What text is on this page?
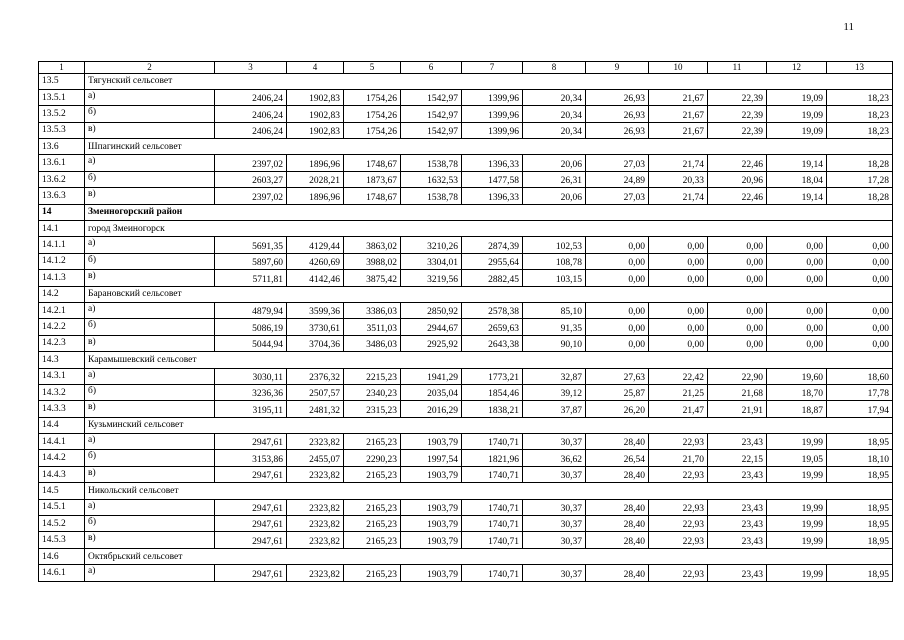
11
1	2	3	4	5	6	7	8	9	10	11	12	13
13.5	Тягунский сельсовет											
13.5.1	а)	2406,24	1902,83	1754,26	1542,97	1399,96	20,34	26,93	21,67	22,39	19,09	18,23
13.5.2	б)	2406,24	1902,83	1754,26	1542,97	1399,96	20,34	26,93	21,67	22,39	19,09	18,23
13.5.3	в)	2406,24	1902,83	1754,26	1542,97	1399,96	20,34	26,93	21,67	22,39	19,09	18,23
13.6	Шпагинский сельсовет											
13.6.1	а)	2397,02	1896,96	1748,67	1538,78	1396,33	20,06	27,03	21,74	22,46	19,14	18,28
13.6.2	б)	2603,27	2028,21	1873,67	1632,53	1477,58	26,31	24,89	20,33	20,96	18,04	17,28
13.6.3	в)	2397,02	1896,96	1748,67	1538,78	1396,33	20,06	27,03	21,74	22,46	19,14	18,28
14	Змеиногорский район											
14.1	город Змеиногорск											
14.1.1	а)	5691,35	4129,44	3863,02	3210,26	2874,39	102,53	0,00	0,00	0,00	0,00	0,00
14.1.2	б)	5897,60	4260,69	3988,02	3304,01	2955,64	108,78	0,00	0,00	0,00	0,00	0,00
14.1.3	в)	5711,81	4142,46	3875,42	3219,56	2882,45	103,15	0,00	0,00	0,00	0,00	0,00
14.2	Барановский сельсовет											
14.2.1	а)	4879,94	3599,36	3386,03	2850,92	2578,38	85,10	0,00	0,00	0,00	0,00	0,00
14.2.2	б)	5086,19	3730,61	3511,03	2944,67	2659,63	91,35	0,00	0,00	0,00	0,00	0,00
14.2.3	в)	5044,94	3704,36	3486,03	2925,92	2643,38	90,10	0,00	0,00	0,00	0,00	0,00
14.3	Карамышевский сельсовет											
14.3.1	а)	3030,11	2376,32	2215,23	1941,29	1773,21	32,87	27,63	22,42	22,90	19,60	18,60
14.3.2	б)	3236,36	2507,57	2340,23	2035,04	1854,46	39,12	25,87	21,25	21,68	18,70	17,78
14.3.3	в)	3195,11	2481,32	2315,23	2016,29	1838,21	37,87	26,20	21,47	21,91	18,87	17,94
14.4	Кузьминский сельсовет											
14.4.1	а)	2947,61	2323,82	2165,23	1903,79	1740,71	30,37	28,40	22,93	23,43	19,99	18,95
14.4.2	б)	3153,86	2455,07	2290,23	1997,54	1821,96	36,62	26,54	21,70	22,15	19,05	18,10
14.4.3	в)	2947,61	2323,82	2165,23	1903,79	1740,71	30,37	28,40	22,93	23,43	19,99	18,95
14.5	Никольский сельсовет											
14.5.1	а)	2947,61	2323,82	2165,23	1903,79	1740,71	30,37	28,40	22,93	23,43	19,99	18,95
14.5.2	б)	2947,61	2323,82	2165,23	1903,79	1740,71	30,37	28,40	22,93	23,43	19,99	18,95
14.5.3	в)	2947,61	2323,82	2165,23	1903,79	1740,71	30,37	28,40	22,93	23,43	19,99	18,95
14.6	Октябрьский сельсовет											
14.6.1	а)	2947,61	2323,82	2165,23	1903,79	1740,71	30,37	28,40	22,93	23,43	19,99	18,95
